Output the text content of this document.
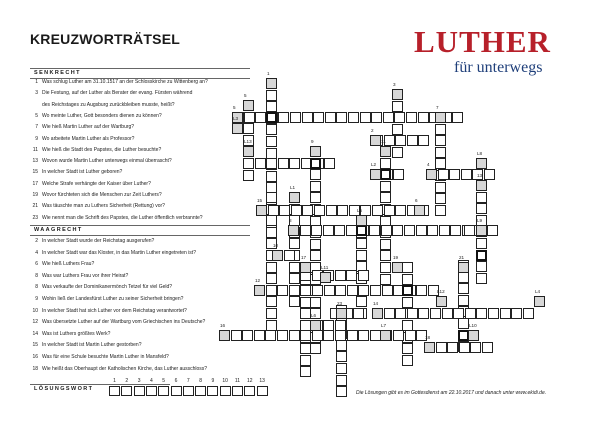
KREUZWORTRÄTSEL	LUTHER
für unterwegs
SENKRECHT
1 Was schlug Luther am 31.10.1517 an der Schlosskirche zu Wittenberg an?
3 Die Festung, auf der Luther als Berater der evang. Fürsten während
des Reichstages zu Augsburg zurückbleiben musste, heißt?
5 Wo meinte Luther, Gott besonders dienen zu können?
7 Wie hieß Martin Luther auf der Wartburg?
9 Wo arbeitete Martin Luther als Professor?
11 Wie hieß die Stadt des Papstes, die Luther besuchte?
13 Wovon wurde Martin Luther unterwegs einmal überrascht?
15 In welcher Stadt ist Luther geboren?
17 Welche Strafe verhängte der Kaiser über Luther?
19 Wovor fürchteten sich die Menschen zur Zeit Luthers?
21 Was täuschte man zu Luthers Sicherheit (Rettung) vor?
23 Wie nennt man die Schrift des Papstes, die Luther öffentlich verbrannte?
WAAGRECHT
2 In welcher Stadt wurde der Reichstag ausgerufen?
4 In welcher Stadt war das Kloster, in das Martin Luther eingetreten ist?
6 Wie hieß Luthers Frau?
8 Was war Luthers Frau vor ihrer Heirat?
8 Was verkaufte der Dominikanermönch Tetzel für viel Geld?
9 Wohin ließ der Landesfürst Luther zu seiner Sicherheit bringen?
10 In welcher Stadt hat sich Luther vor dem Reichstag verantwortet?
12 Was übersetzte Luther auf der Wartburg vom Griechischen ins Deutsche?
14 Was ist Luthers größtes Werk?
15 In welcher Stadt ist Martin Luther gestorben?
16 Was für eine Schule besuchte Martin Luther in Mansfeld?
18 Wie heißt das Oberhaupt der Katholischen Kirche, das Luther ausschloss?
1
3
5
5	7
L3
2
L13	9	11
L8
L2	4
13
L1
15	6
L5
8	L9
10
17	19	21
L11
12
L12	L4
23	14
L6
16	L7	L10
18
LÖSUNGSWORT
1	2	3	4	5	6	7	8	9	10	11	12	13
Die Lösungen gibt es im Gottesdienst am 22.10.2017 und danach unter www.ekidi.de.
